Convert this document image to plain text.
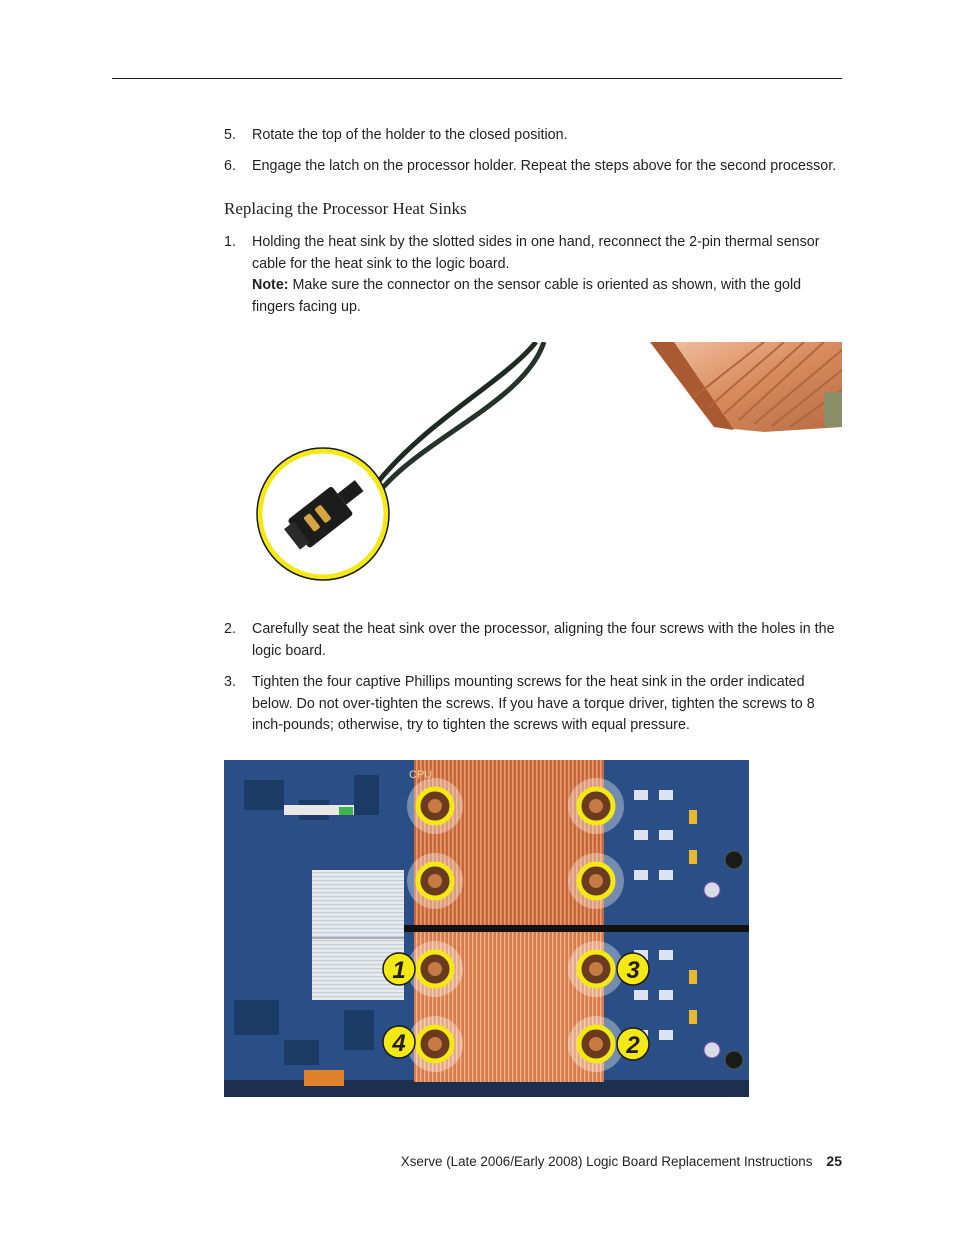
5. Rotate the top of the holder to the closed position.
6. Engage the latch on the processor holder. Repeat the steps above for the second processor.
Replacing the Processor Heat Sinks
1. Holding the heat sink by the slotted sides in one hand, reconnect the 2-pin thermal sensor cable for the heat sink to the logic board.
Note: Make sure the connector on the sensor cable is oriented as shown, with the gold fingers facing up.
2. Carefully seat the heat sink over the processor, aligning the four screws with the holes in the logic board.
3. Tighten the four captive Phillips mounting screws for the heat sink in the order indicated below. Do not over-tighten the screws. If you have a torque driver, tighten the screws to 8 inch-pounds; otherwise, try to tighten the screws with equal pressure.
CPU
1	3
4	2
Xserve (Late 2006/Early 2008) Logic Board Replacement Instructions 25
